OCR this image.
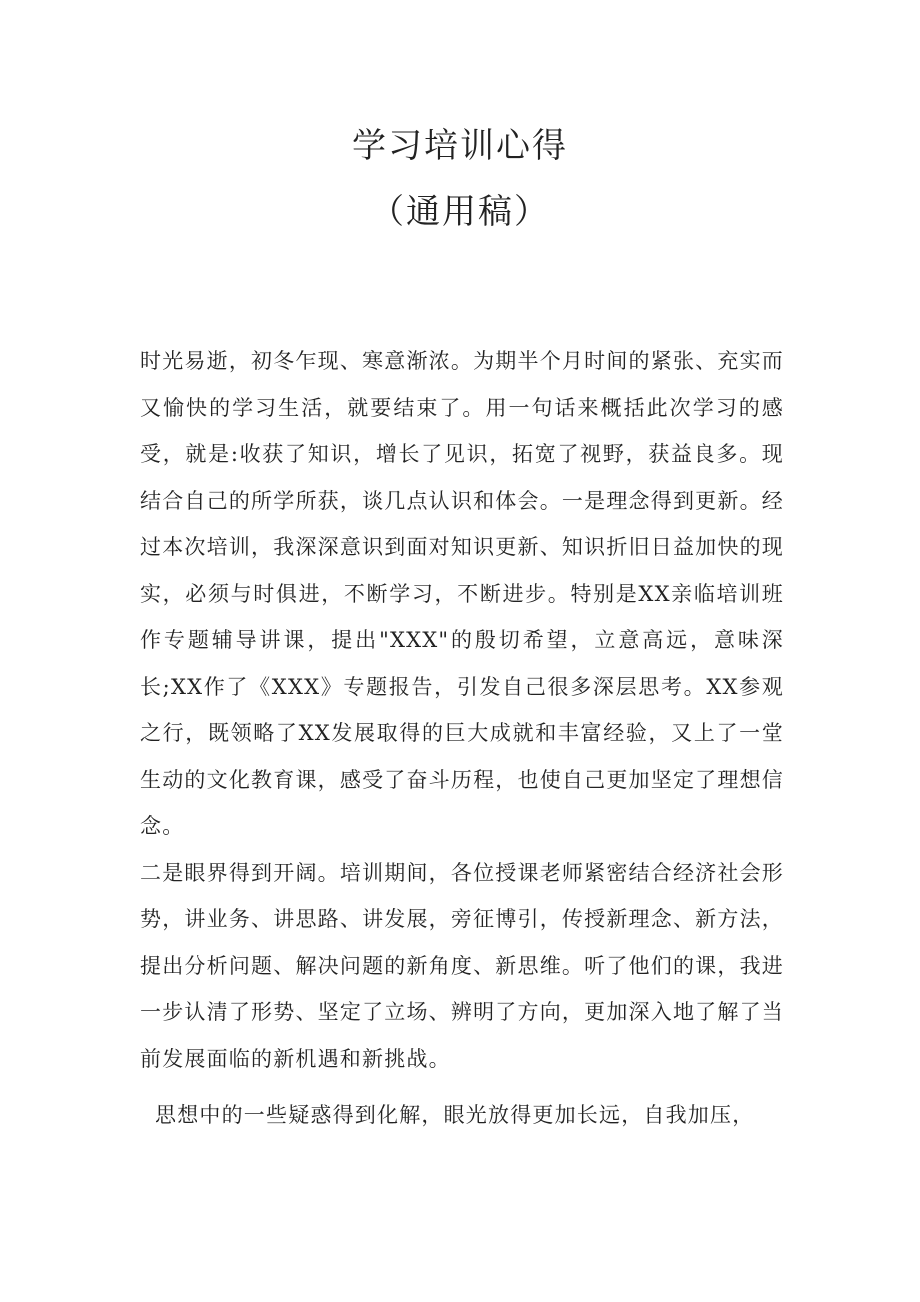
学习培训心得
（通用稿）

时光易逝，初冬乍现、寒意渐浓。为期半个月时间的紧张、充实而又愉快的学习生活，就要结束了。用一句话来概括此次学习的感受，就是:收获了知识，增长了见识，拓宽了视野，获益良多。现结合自己的所学所获，谈几点认识和体会。一是理念得到更新。经过本次培训，我深深意识到面对知识更新、知识折旧日益加快的现实，必须与时俱进，不断学习，不断进步。特别是XX亲临培训班作专题辅导讲课，提出"XXX"的殷切希望，立意高远，意味深长;XX作了《XXX》专题报告，引发自己很多深层思考。XX参观之行，既领略了XX发展取得的巨大成就和丰富经验，又上了一堂生动的文化教育课，感受了奋斗历程，也使自己更加坚定了理想信念。

二是眼界得到开阔。培训期间，各位授课老师紧密结合经济社会形势，讲业务、讲思路、讲发展，旁征博引，传授新理念、新方法，提出分析问题、解决问题的新角度、新思维。听了他们的课，我进一步认清了形势、坚定了立场、辨明了方向，更加深入地了解了当前发展面临的新机遇和新挑战。

思想中的一些疑惑得到化解，眼光放得更加长远，自我加压，
